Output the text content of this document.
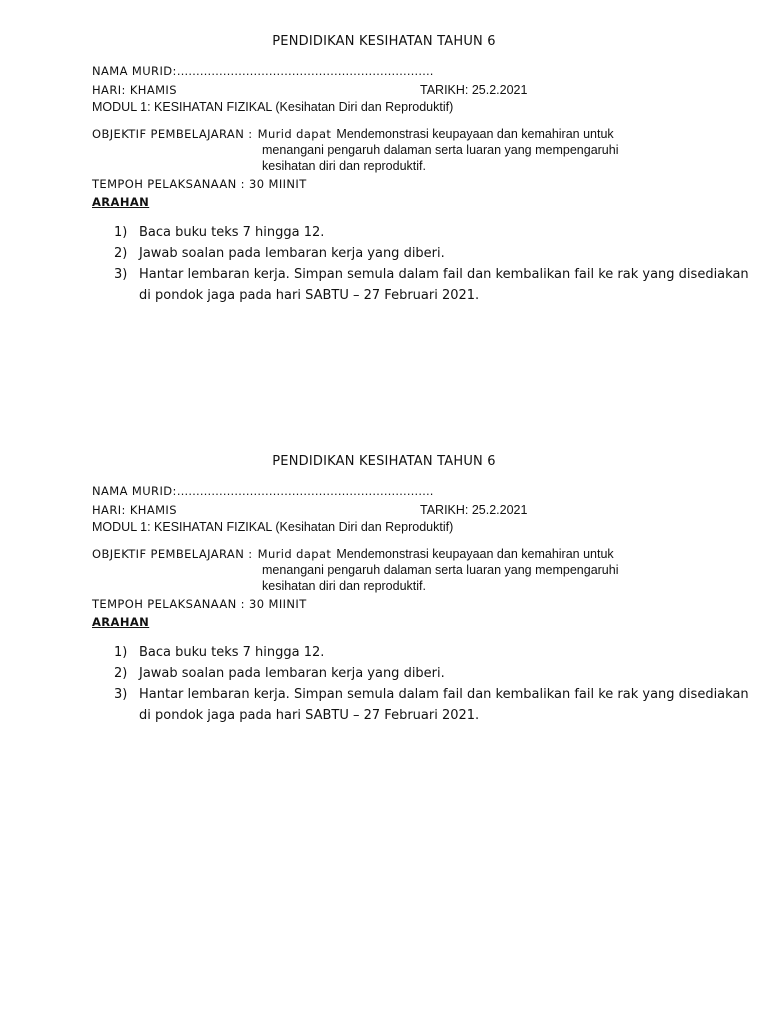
PENDIDIKAN KESIHATAN TAHUN 6
NAMA MURID:………………………………………………………….
HARI: KHAMIS	TARIKH: 25.2.2021
MODUL 1: KESIHATAN FIZIKAL (Kesihatan Diri dan Reproduktif)
OBJEKTIF PEMBELAJARAN : Murid dapat Mendemonstrasi keupayaan dan kemahiran untuk
menangani pengaruh dalaman serta luaran yang mempengaruhi
kesihatan diri dan reproduktif.
TEMPOH PELAKSANAAN : 30 MIINIT
ARAHAN
1) Baca buku teks 7 hingga 12.
2) Jawab soalan pada lembaran kerja yang diberi.
3) Hantar lembaran kerja. Simpan semula dalam fail dan kembalikan fail ke rak yang disediakan di pondok jaga pada hari SABTU – 27 Februari 2021.
PENDIDIKAN KESIHATAN TAHUN 6
NAMA MURID:………………………………………………………….
HARI: KHAMIS	TARIKH: 25.2.2021
MODUL 1: KESIHATAN FIZIKAL (Kesihatan Diri dan Reproduktif)
OBJEKTIF PEMBELAJARAN : Murid dapat Mendemonstrasi keupayaan dan kemahiran untuk
menangani pengaruh dalaman serta luaran yang mempengaruhi
kesihatan diri dan reproduktif.
TEMPOH PELAKSANAAN : 30 MIINIT
ARAHAN
1) Baca buku teks 7 hingga 12.
2) Jawab soalan pada lembaran kerja yang diberi.
3) Hantar lembaran kerja. Simpan semula dalam fail dan kembalikan fail ke rak yang disediakan di pondok jaga pada hari SABTU – 27 Februari 2021.
